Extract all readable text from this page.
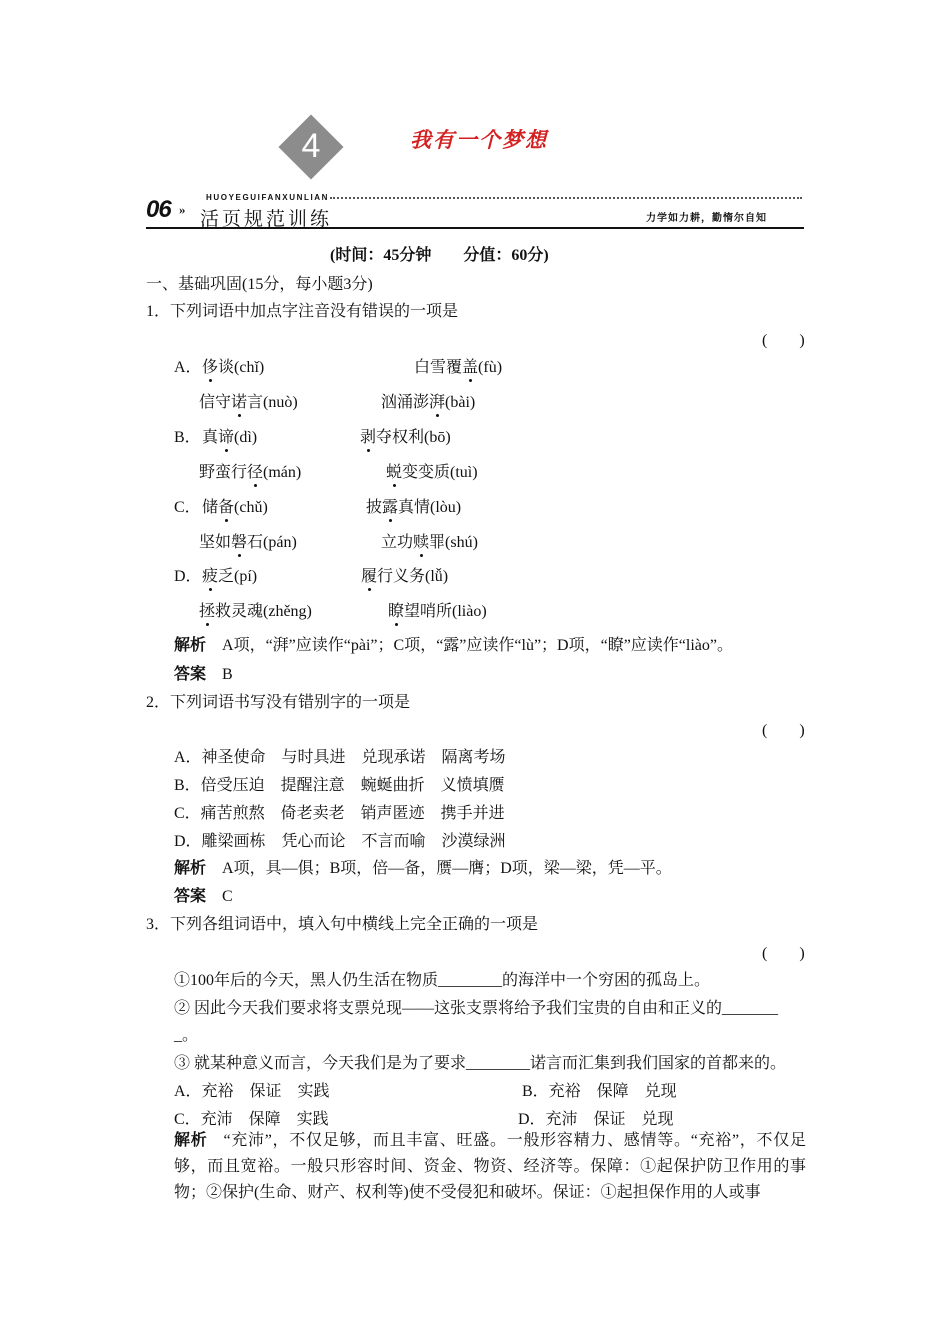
4	我有一个梦想
06 »
HUOYEGUIFANXUNLIAN
活页规范训练	力学如力耕，勤惰尔自知
(时间：45分钟　　分值：60分)
一、基础巩固(15分，每小题3分)
1．下列词语中加点字注音没有错误的一项是
(　　)
A． 侈谈(chǐ)	白雪覆盖(fù)
信守诺言(nuò)	汹涌澎湃(bài)
B． 真谛(dì)	剥夺权利(bō)
野蛮行径(mán)	蜕变变质(tuì)
C． 储备(chǔ)	披露真情(lòu)
坚如磐石(pán)	立功赎罪(shú)
D． 疲乏(pí)	履行义务(lǚ)
拯救灵魂(zhěng)	瞭望哨所(liào)
解析  A项，“湃”应读作“pài”；C项，“露”应读作“lù”；D项，“瞭”应读作“liào”。
答案  B
2．下列词语书写没有错别字的一项是
(　　)
A．神圣使命　与时具进　兑现承诺　隔离考场
B．倍受压迫　提醒注意　蜿蜒曲折　义愤填赝
C．痛苦煎熬　倚老卖老　销声匿迹　携手并进
D．雕梁画栋　凭心而论　不言而喻　沙漠绿洲
解析  A项，具—俱；B项，倍—备，赝—膺；D项，梁—梁，凭—平。
答案  C
3．下列各组词语中，填入句中横线上完全正确的一项是
(　　)
①100年后的今天，黑人仍生活在物质________的海洋中一个穷困的孤岛上。
② 因此今天我们要求将支票兑现——这张支票将给予我们宝贵的自由和正义的_______
_。
③ 就某种意义而言，今天我们是为了要求________诺言而汇集到我们国家的首都来的。
A．充裕　保证　实践	B．充裕　保障　兑现
C．充沛　保障　实践	D．充沛　保证　兑现
解析  “充沛”，不仅足够，而且丰富、旺盛。一般形容精力、感情等。“充裕”，不仅足够，而且宽裕。一般只形容时间、资金、物资、经济等。保障：①起保护防卫作用的事物；②保护(生命、财产、权利等)使不受侵犯和破坏。保证：①起担保作用的人或事
